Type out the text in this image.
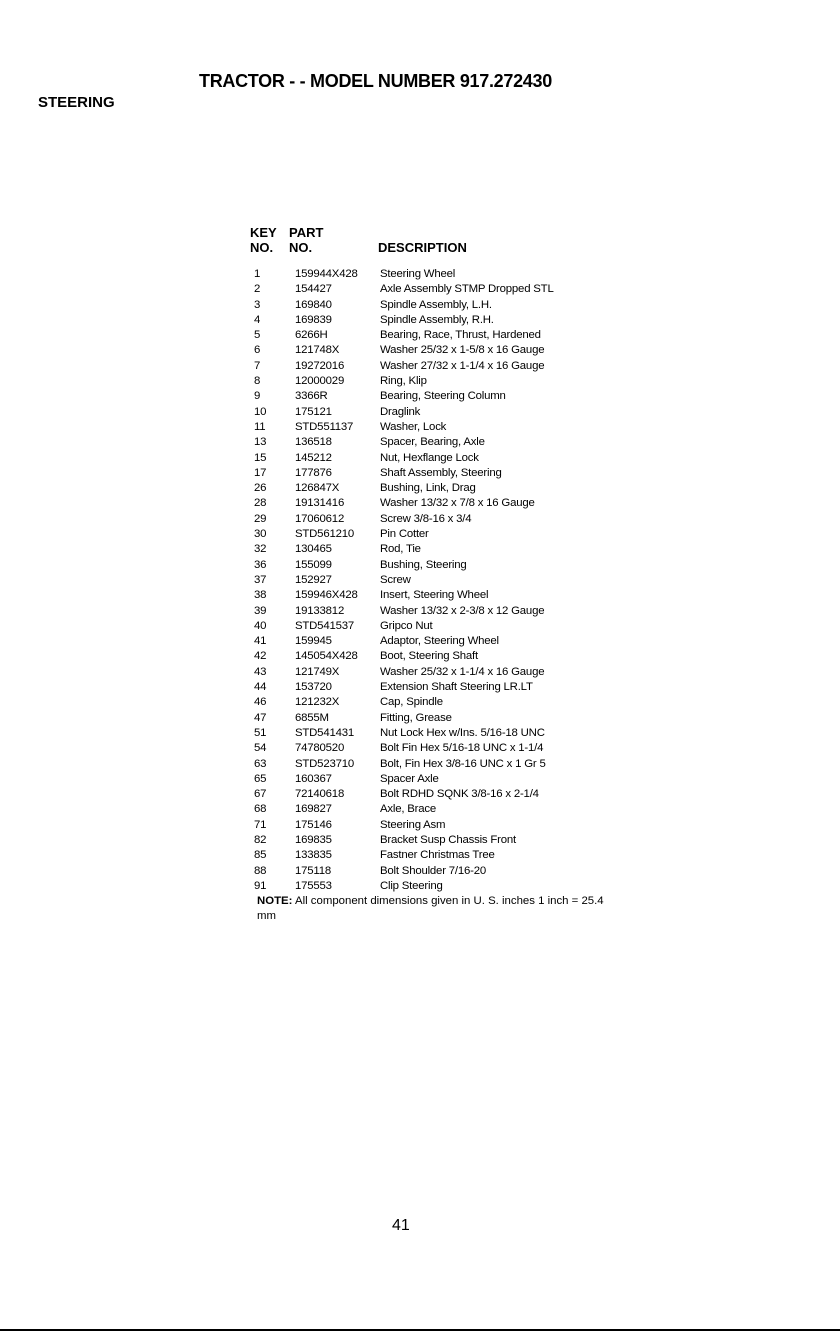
TRACTOR - - MODEL NUMBER 917.272430
STEERING
KEY
NO.
PART
NO.	DESCRIPTION
1	159944X428 Steering Wheel
2	154427	Axle Assembly STMP Dropped STL
3	169840	Spindle Assembly, L.H.
4	169839	Spindle Assembly, R.H.
5	6266H	Bearing, Race, Thrust, Hardened
6	121748X	Washer 25/32 x 1-5/8 x 16 Gauge
7	19272016	Washer 27/32 x 1-1/4 x 16 Gauge
8	12000029	Ring, Klip
9	3366R	Bearing, Steering Column
10	175121	Draglink
11	STD551137 Washer, Lock
13	136518	Spacer, Bearing, Axle
15	145212	Nut, Hexflange Lock
17	177876	Shaft Assembly, Steering
26	126847X	Bushing, Link, Drag
28	19131416	Washer 13/32 x 7/8 x 16 Gauge
29	17060612	Screw 3/8-16 x 3/4
30	STD561210 Pin Cotter
32	130465	Rod, Tie
36	155099	Bushing, Steering
37	152927	Screw
38	159946X428 Insert, Steering Wheel
39	19133812	Washer 13/32 x 2-3/8 x 12 Gauge
40	STD541537 Gripco Nut
41	159945	Adaptor, Steering Wheel
42	145054X428 Boot, Steering Shaft
43	121749X	Washer 25/32 x 1-1/4 x 16 Gauge
44	153720	Extension Shaft Steering LR.LT
46	121232X	Cap, Spindle
47	6855M	Fitting, Grease
51	STD541431 Nut Lock Hex w/Ins. 5/16-18 UNC
54	74780520	Bolt Fin Hex 5/16-18 UNC x 1-1/4
63	STD523710 Bolt, Fin Hex 3/8-16 UNC x 1 Gr 5
65	160367	Spacer Axle
67	72140618	Bolt RDHD SQNK 3/8-16 x 2-1/4
68	169827	Axle, Brace
71	175146	Steering Asm
82	169835	Bracket Susp Chassis Front
85	133835	Fastner Christmas Tree
88	175118	Bolt Shoulder 7/16-20
91	175553	Clip Steering
NOTE: All component dimensions given in U. S. inches 1 inch = 25.4 mm
41
